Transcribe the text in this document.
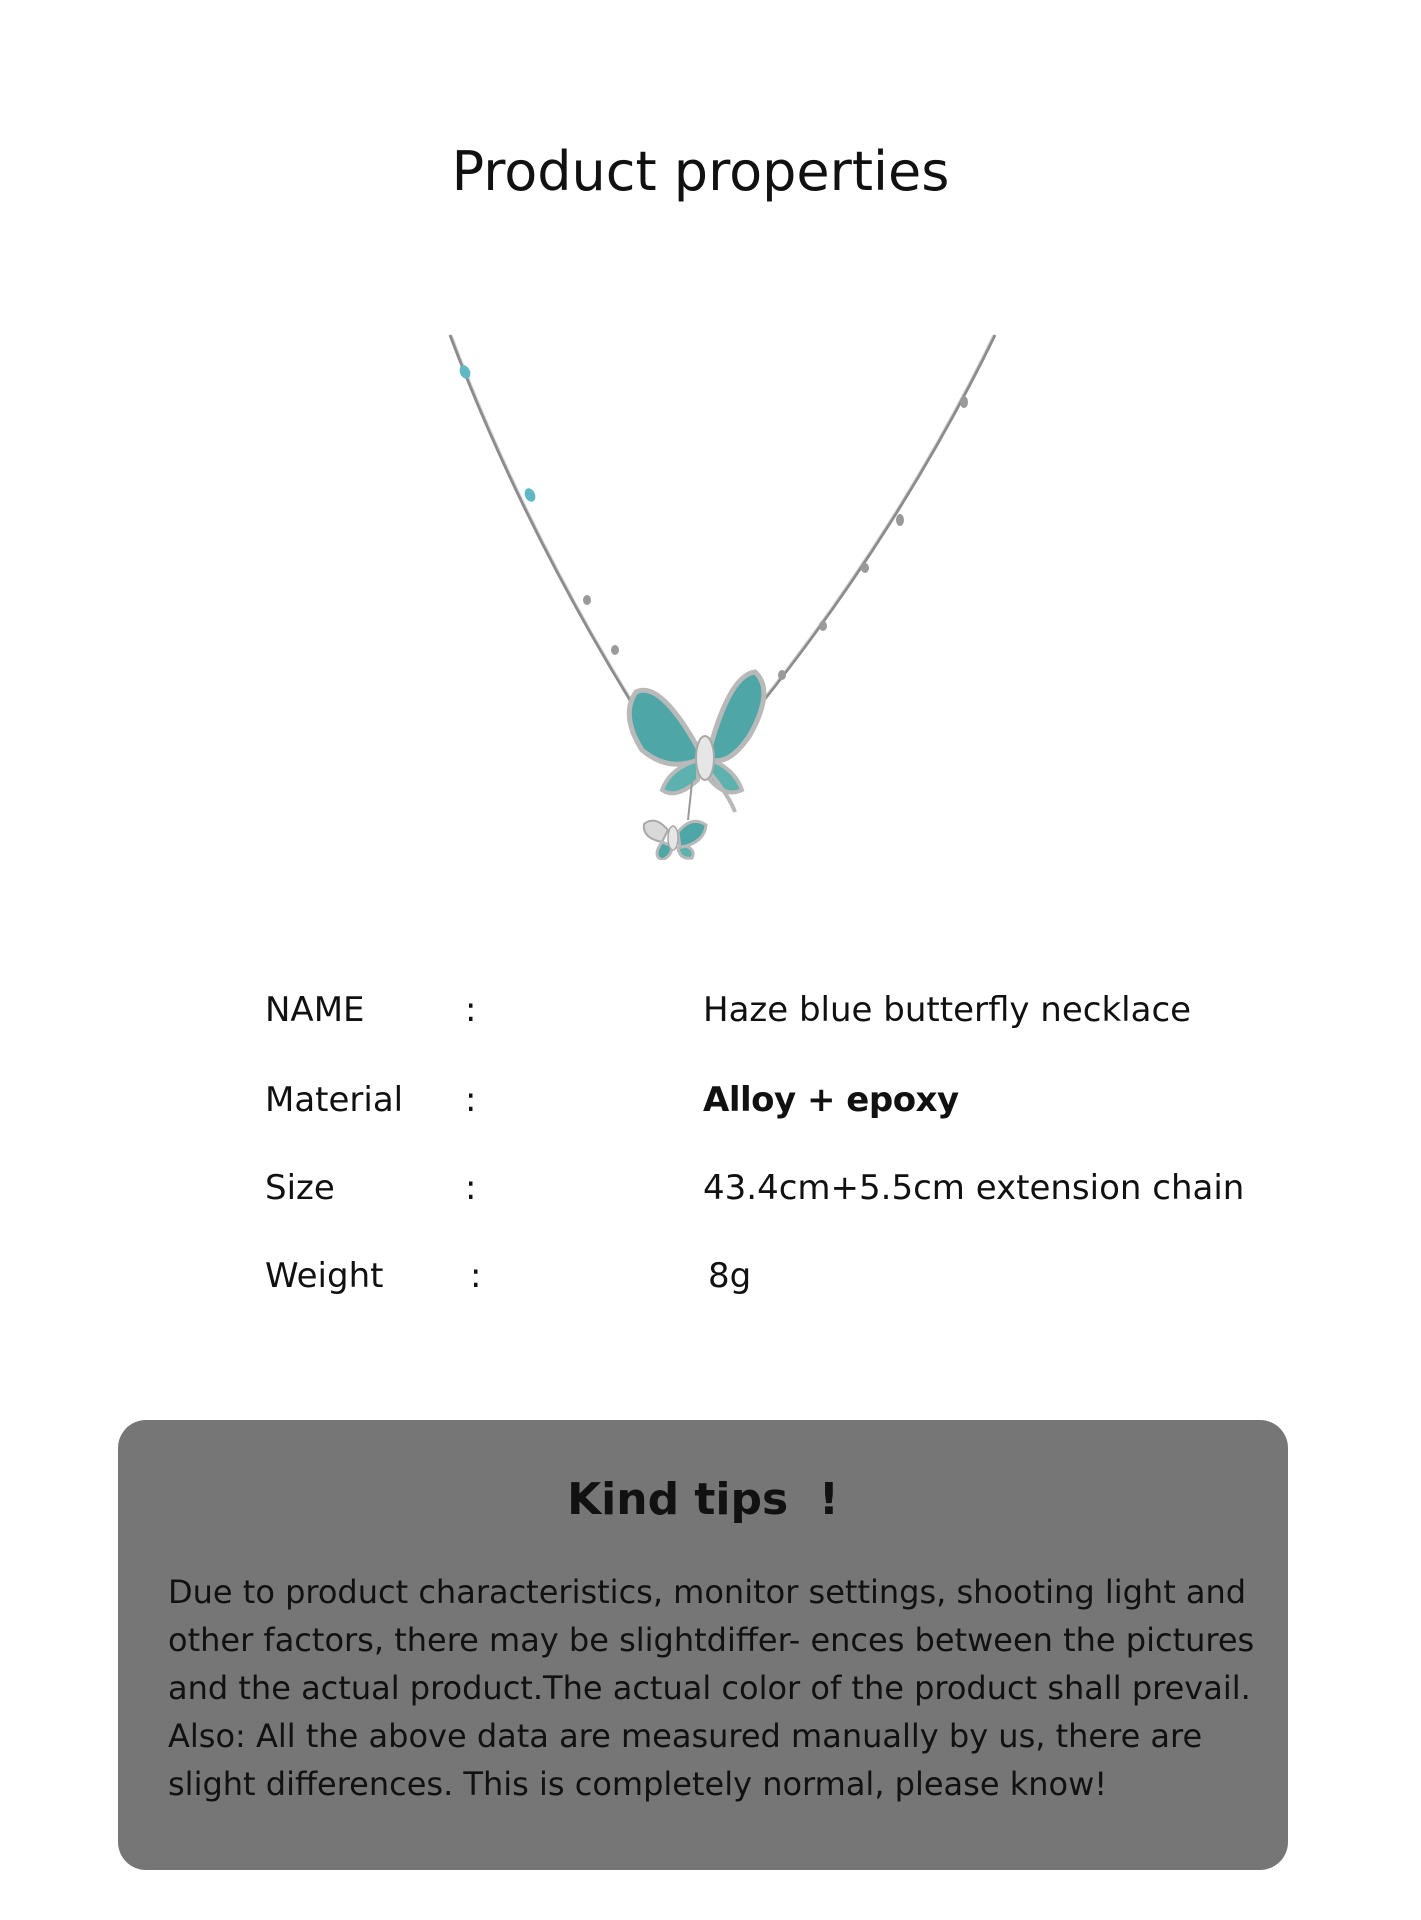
Product properties
NAME	:	Haze blue butterfly necklace
Material :	Alloy + epoxy
Size	:	43.4cm+5.5cm extension chain
Weight	:	8g
Kind tips  !

Due to product characteristics, monitor settings, shooting light and other factors, there may be slightdiffer- ences between the pictures and the actual product.The actual color of the product shall prevail. Also: All the above data are measured manually by us, there are slight differences. This is completely normal, please know!
